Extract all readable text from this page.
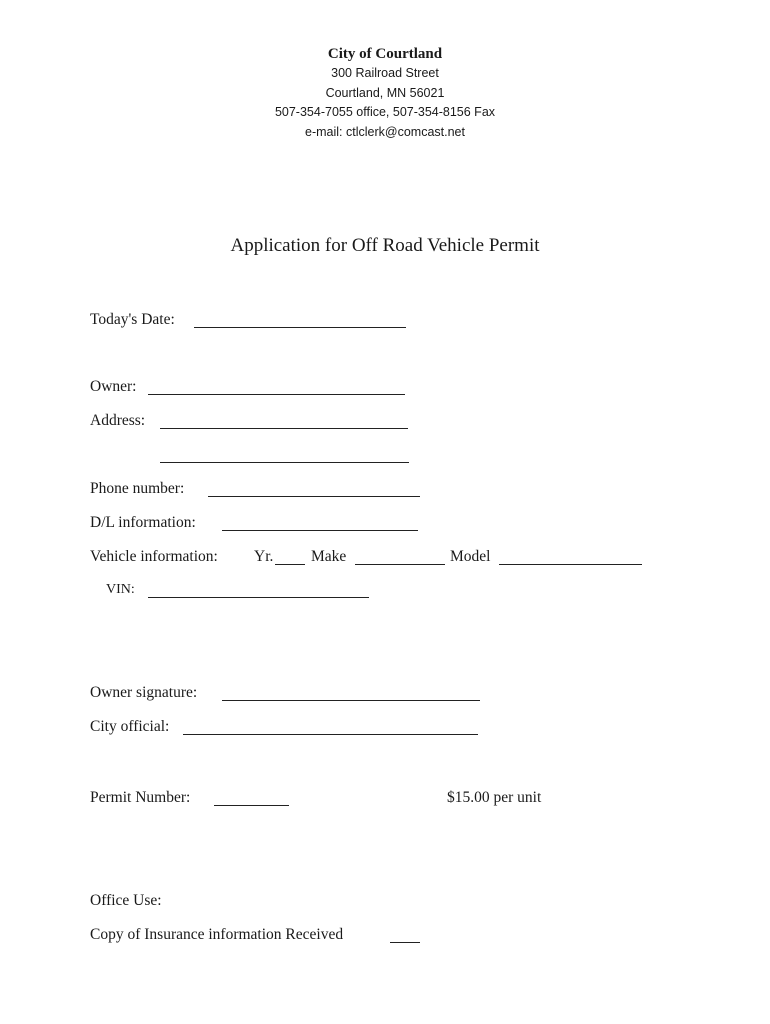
City of Courtland
300 Railroad Street
Courtland, MN 56021
507-354-7055 office, 507-354-8156 Fax
e-mail: ctlclerk@comcast.net
Application for Off Road Vehicle Permit
Today's Date:
Owner:
Address:
Phone number:
D/L information:
Vehicle information: Yr. Make	Model
VIN:
Owner signature:
City official:
Permit Number:	$15.00 per unit
Office Use:
Copy of Insurance information Received
